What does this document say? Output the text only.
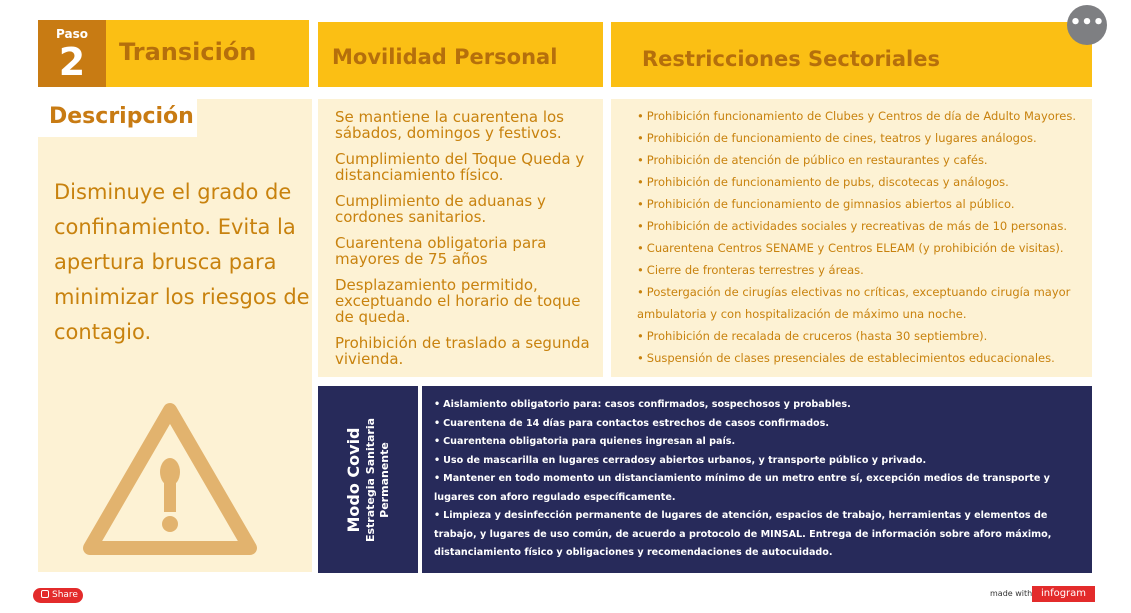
Paso
2	Transición	Movilidad Personal	Restricciones Sectoriales
Descripción
Disminuye el grado de confinamiento. Evita la apertura brusca para minimizar los riesgos de contagio.
Se mantiene la cuarentena los sábados, domingos y festivos.
Cumplimiento del Toque Queda y distanciamiento físico.
Cumplimiento de aduanas y cordones sanitarios.
Cuarentena obligatoria para mayores de 75 años
Desplazamiento permitido, exceptuando el horario de toque de queda.
Prohibición de traslado a segunda vivienda.
• Prohibición funcionamiento de Clubes y Centros de día de Adulto Mayores.
• Prohibición de funcionamiento de cines, teatros y lugares análogos.
• Prohibición de atención de público en restaurantes y cafés.
• Prohibición de funcionamiento de pubs, discotecas y análogos.
• Prohibición de funcionamiento de gimnasios abiertos al público.
• Prohibición de actividades sociales y recreativas de más de 10 personas.
• Cuarentena Centros SENAME y Centros ELEAM (y prohibición de visitas).
• Cierre de fronteras terrestres y áreas.
• Postergación de cirugías electivas no críticas, exceptuando cirugía mayor ambulatoria y con hospitalización de máximo una noche.
• Prohibición de recalada de cruceros (hasta 30 septiembre).
• Suspensión de clases presenciales de establecimientos educacionales.
Modo Covid Estrategia Sanitaria Permanente
• Aislamiento obligatorio para: casos confirmados, sospechosos y probables.
• Cuarentena de 14 días para contactos estrechos de casos confirmados.
• Cuarentena obligatoria para quienes ingresan al país.
• Uso de mascarilla en lugares cerradosy abiertos urbanos, y transporte público y privado.
• Mantener en todo momento un distanciamiento mínimo de un metro entre sí, excepción medios de transporte y lugares con aforo regulado específicamente.
• Limpieza y desinfección permanente de lugares de atención, espacios de trabajo, herramientas y elementos de trabajo, y lugares de uso común, de acuerdo a protocolo de MINSAL. Entrega de información sobre aforo máximo, distanciamiento físico y obligaciones y recomendaciones de autocuidado.
•••
Share	made with infogram
